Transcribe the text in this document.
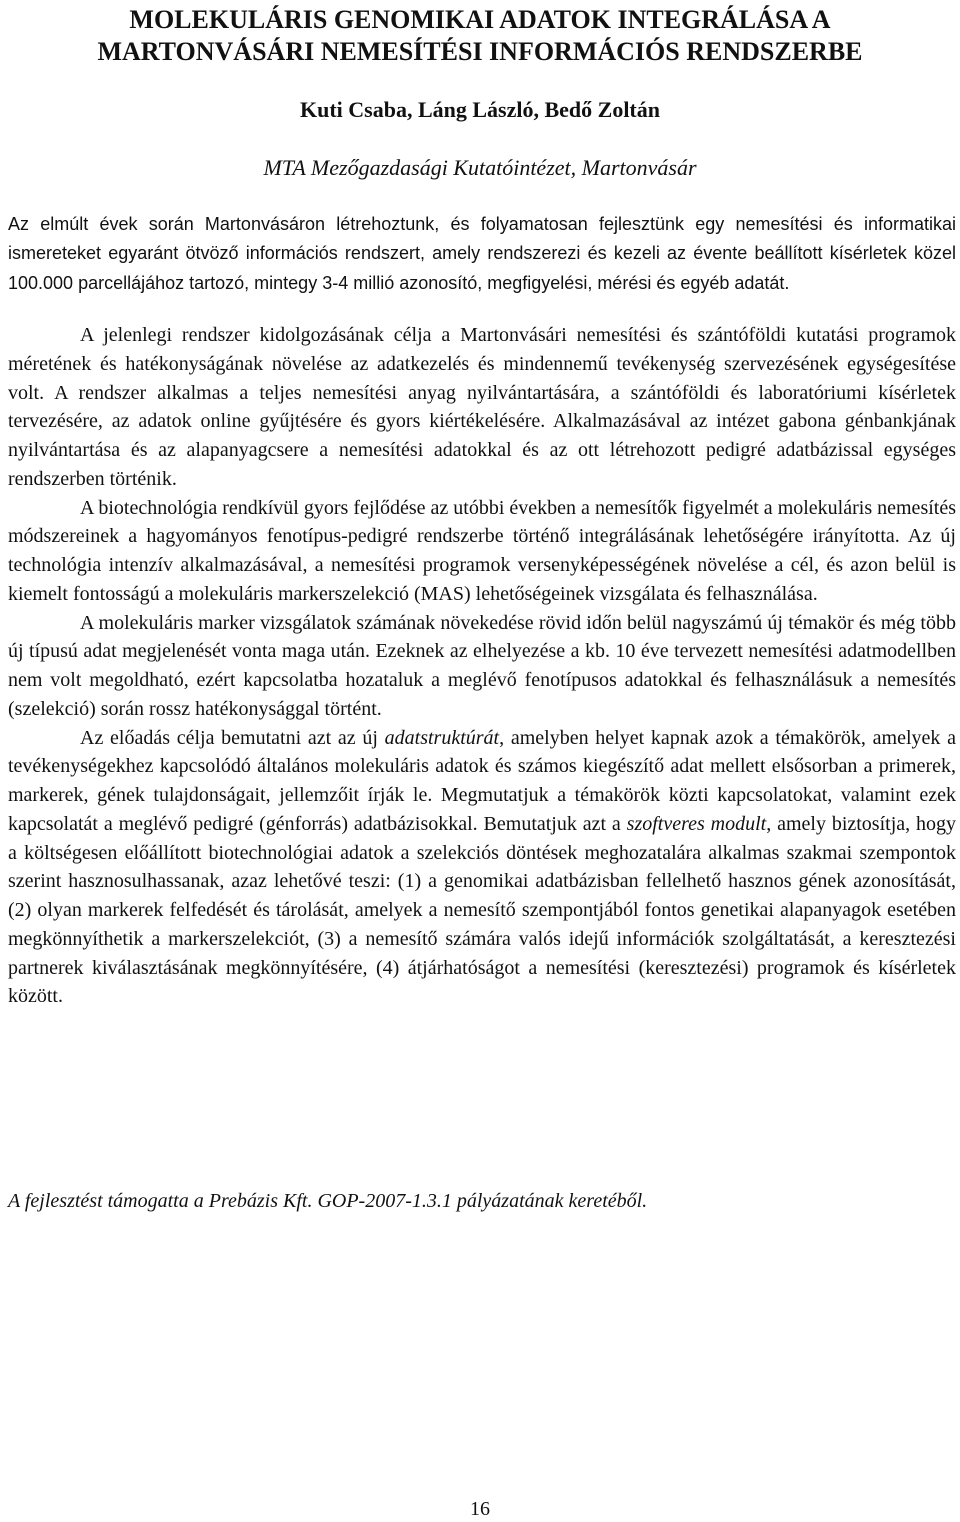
MOLEKULÁRIS GENOMIKAI ADATOK INTEGRÁLÁSA A
MARTONVÁSÁRI NEMESÍTÉSI INFORMÁCIÓS RENDSZERBE
Kuti Csaba, Láng László, Bedő Zoltán
MTA Mezőgazdasági Kutatóintézet, Martonvásár

Az elmúlt évek során Martonvásáron létrehoztunk, és folyamatosan fejlesztünk egy nemesítési és informatikai ismereteket egyaránt ötvöző információs rendszert, amely rendszerezi és kezeli az évente beállított kísérletek közel 100.000 parcellájához tartozó, mintegy 3-4 millió azonosító, megfigyelési, mérési és egyéb adatát.

A jelenlegi rendszer kidolgozásának célja a Martonvásári nemesítési és szántóföldi kutatási programok méretének és hatékonyságának növelése az adatkezelés és mindennemű tevékenység szervezésének egységesítése volt. A rendszer alkalmas a teljes nemesítési anyag nyilvántartására, a szántóföldi és laboratóriumi kísérletek tervezésére, az adatok online gyűjtésére és gyors kiértékelésére. Alkalmazásával az intézet gabona génbankjának nyilvántartása és az alapanyagcsere a nemesítési adatokkal és az ott létrehozott pedigré adatbázissal egységes rendszerben történik.

A biotechnológia rendkívül gyors fejlődése az utóbbi években a nemesítők figyelmét a molekuláris nemesítés módszereinek a hagyományos fenotípus-pedigré rendszerbe történő integrálásának lehetőségére irányította. Az új technológia intenzív alkalmazásával, a nemesítési programok versenyképességének növelése a cél, és azon belül is kiemelt fontosságú a molekuláris markerszelekció (MAS) lehetőségeinek vizsgálata és felhasználása.

A molekuláris marker vizsgálatok számának növekedése rövid időn belül nagyszámú új témakör és még több új típusú adat megjelenését vonta maga után. Ezeknek az elhelyezése a kb. 10 éve tervezett nemesítési adatmodellben nem volt megoldható, ezért kapcsolatba hozataluk a meglévő fenotípusos adatokkal és felhasználásuk a nemesítés (szelekció) során rossz hatékonysággal történt.

Az előadás célja bemutatni azt az új adatstruktúrát, amelyben helyet kapnak azok a témakörök, amelyek a tevékenységekhez kapcsolódó általános molekuláris adatok és számos kiegészítő adat mellett elsősorban a primerek, markerek, gének tulajdonságait, jellemzőit írják le. Megmutatjuk a témakörök közti kapcsolatokat, valamint ezek kapcsolatát a meglévő pedigré (génforrás) adatbázisokkal. Bemutatjuk azt a szoftveres modult, amely biztosítja, hogy a költségesen előállított biotechnológiai adatok a szelekciós döntések meghozatalára alkalmas szakmai szempontok szerint hasznosulhassanak, azaz lehetővé teszi: (1) a genomikai adatbázisban fellelhető hasznos gének azonosítását, (2) olyan markerek felfedését és tárolását, amelyek a nemesítő szempontjából fontos genetikai alapanyagok esetében megkönnyíthetik a markerszelekciót, (3) a nemesítő számára valós idejű információk szolgáltatását, a keresztezési partnerek kiválasztásának megkönnyítésére, (4) átjárhatóságot a nemesítési (keresztezési) programok és kísérletek között.

A fejlesztést támogatta a Prebázis Kft. GOP-2007-1.3.1 pályázatának keretéből.
16
